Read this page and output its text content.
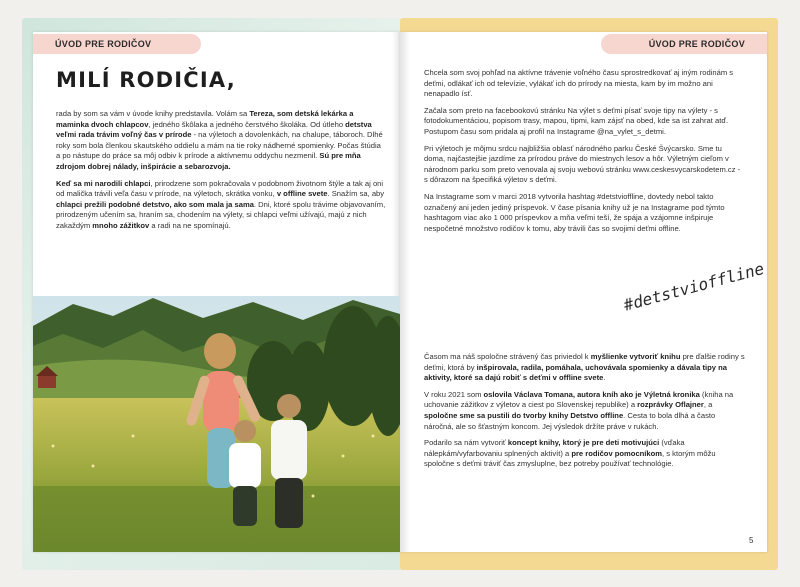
ÚVOD PRE RODIČOV	ÚVOD PRE RODIČOV
MILÍ RODIČIA,

rada by som sa vám v úvode knihy predstavila. Volám sa Tereza, som detská lekárka a maminka dvoch chlapcov, jedného škôlaka a jedného čerstvého školáka. Od útleho detstva veľmi rada trávim voľný čas v prírode - na výletoch a dovolenkách, na chalupe, táboroch. Dlhé roky som bola členkou skautského oddielu a mám na tie roky nádherné spomienky. Počas štúdia a po nástupe do práce sa môj odbiv k prírode a aktívnemu oddychu nezmenil. Sú pre mňa zdrojom dobrej nálady, inšpirácie a sebarozvoja.

Keď sa mi narodili chlapci, prirodzene som pokračovala v podobnom životnom štýle a tak aj oni od malička trávili veľa času v prírode, na výletoch, skrátka vonku, v offline svete. Snažím sa, aby chlapci prežili podobné detstvo, ako som mala ja sama. Dni, ktoré spolu trávime objavovaním, prirodzeným učením sa, hraním sa, chodením na výlety, si chlapci veľmi užívajú, majú z nich zakaždým mnoho zážitkov a radi na ne spomínajú.

Chcela som svoj pohľad na aktívne trávenie voľného času sprostredkovať aj iným rodinám s deťmi, odlákať ich od televízie, vylákať ich do prírody na miesta, kam by im možno ani nenapadlo ísť.

Začala som preto na facebookovú stránku Na výlet s deťmi písať svoje tipy na výlety - s fotodokumentáciou, popisom trasy, mapou, tipmi, kam zájsť na obed, kde sa ist zahrat atď. Postupom času som pridala aj profil na Instagrame @na_vylet_s_detmi.

Pri výletoch je môjmu srdcu najbližšia oblasť národného parku České Švýcarsko. Sme tu doma, najčastejšie jazdíme za prírodou práve do miestnych lesov a hôr. Výletným cieľom v národnom parku som preto venovala aj svoju webovú stránku www.ceskesvycarskodetem.cz - s dôrazom na špecifiká výletov s deťmi.

Na Instagrame som v marci 2018 vytvorila hashtag #detstvioffline, dovtedy nebol takto označený ani jeden jediný príspevok. V čase písania knihy už je na Instagrame pod týmto hashtagom viac ako 1 000 príspevkov a mňa veľmi teší, že spája a vzájomne inšpiruje nespočetné množstvo rodičov k tomu, aby trávili čas so svojimi deťmi offline.

#detstvioffline

Časom ma náš spoločne strávený čas priviedol k myšlienke vytvoriť knihu pre ďalšie rodiny s deťmi, ktorá by inšpirovala, radila, pomáhala, uchovávala spomienky a dávala tipy na aktivity, ktoré sa dajú robiť s deťmi v offline svete.

V roku 2021 som oslovila Václava Tomana, autora kníh ako je Výletná kronika (kniha na uchovanie zážitkov z výletov a ciest po Slovenskej republike) a rozprávky Oflajner, a spoločne sme sa pustili do tvorby knihy Detstvo offline. Cesta to bola dlhá a často náročná, ale so šťastným koncom. Jej výsledok držíte práve v rukách.

Podarilo sa nám vytvoriť koncept knihy, ktorý je pre deti motivujúci (vďaka nálepkám/vyfarbovaniu splnených aktivít) a pre rodičov pomocníkom, s ktorým môžu spoločne s deťmi tráviť čas zmysluplne, bez potreby používať technológie.

5
